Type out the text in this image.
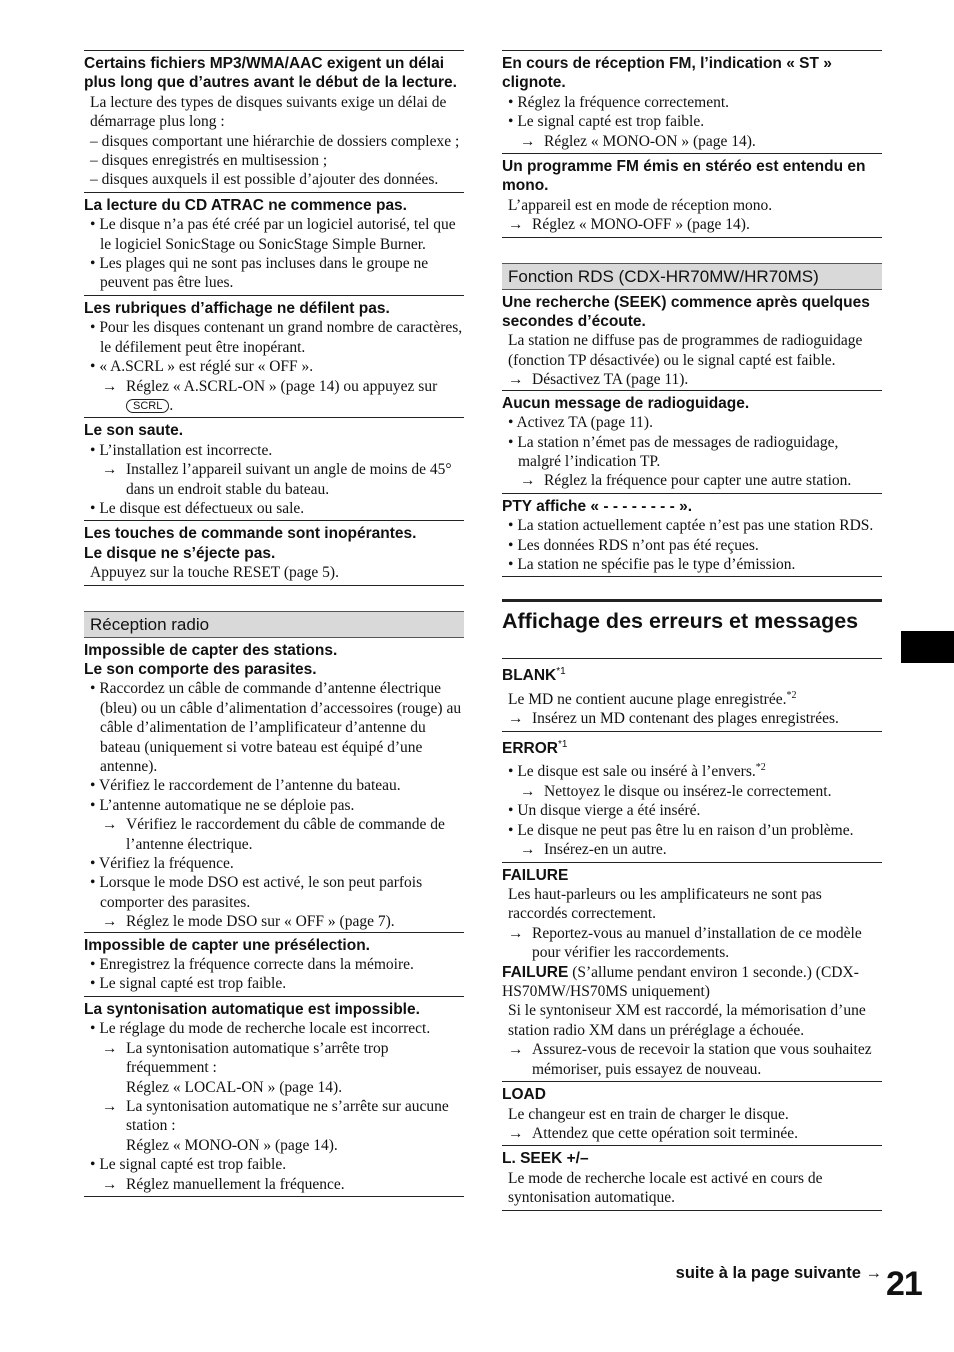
Certains fichiers MP3/WMA/AAC exigent un délai plus long que d’autres avant le début de la lecture.
La lecture des types de disques suivants exige un délai de démarrage plus long :
– disques comportant une hiérarchie de dossiers complexe ;
– disques enregistrés en multisession ;
– disques auxquels il est possible d’ajouter des données.
La lecture du CD ATRAC ne commence pas.
• Le disque n’a pas été créé par un logiciel autorisé, tel que le logiciel SonicStage ou SonicStage Simple Burner.
• Les plages qui ne sont pas incluses dans le groupe ne peuvent pas être lues.
Les rubriques d’affichage ne défilent pas.
• Pour les disques contenant un grand nombre de caractères, le défilement peut être inopérant.
• « A.SCRL » est réglé sur « OFF ».
→ Réglez « A.SCRL-ON » (page 14) ou appuyez sur SCRL .
Le son saute.
• L’installation est incorrecte.
→ Installez l’appareil suivant un angle de moins de 45° dans un endroit stable du bateau.
• Le disque est défectueux ou sale.
Les touches de commande sont inopérantes.
Le disque ne s’éjecte pas.
Appuyez sur la touche RESET (page 5).
Réception radio
Impossible de capter des stations.
Le son comporte des parasites.
• Raccordez un câble de commande d’antenne électrique (bleu) ou un câble d’alimentation d’accessoires (rouge) au câble d’alimentation de l’amplificateur d’antenne du bateau (uniquement si votre bateau est équipé d’une antenne).
• Vérifiez le raccordement de l’antenne du bateau.
• L’antenne automatique ne se déploie pas.
→ Vérifiez le raccordement du câble de commande de l’antenne électrique.
• Vérifiez la fréquence.
• Lorsque le mode DSO est activé, le son peut parfois comporter des parasites.
→ Réglez le mode DSO sur « OFF » (page 7).
Impossible de capter une présélection.
• Enregistrez la fréquence correcte dans la mémoire.
• Le signal capté est trop faible.
La syntonisation automatique est impossible.
• Le réglage du mode de recherche locale est incorrect.
→ La syntonisation automatique s’arrête trop fréquemment :
Réglez « LOCAL-ON » (page 14).
→ La syntonisation automatique ne s’arrête sur aucune station :
Réglez « MONO-ON » (page 14).
• Le signal capté est trop faible.
→ Réglez manuellement la fréquence.
En cours de réception FM, l’indication « ST » clignote.
• Réglez la fréquence correctement.
• Le signal capté est trop faible.
→ Réglez « MONO-ON » (page 14).
Un programme FM émis en stéréo est entendu en mono.
L’appareil est en mode de réception mono.
→ Réglez « MONO-OFF » (page 14).
Fonction RDS (CDX-HR70MW/HR70MS)
Une recherche (SEEK) commence après quelques secondes d’écoute.
La station ne diffuse pas de programmes de radioguidage (fonction TP désactivée) ou le signal capté est faible.
→ Désactivez TA (page 11).
Aucun message de radioguidage.
• Activez TA (page 11).
• La station n’émet pas de messages de radioguidage, malgré l’indication TP.
→ Réglez la fréquence pour capter une autre station.
PTY affiche « - - - - - - - - ».
• La station actuellement captée n’est pas une station RDS.
• Les données RDS n’ont pas été reçues.
• La station ne spécifie pas le type d’émission.
Affichage des erreurs et messages
BLANK$^{*1}$
Le MD ne contient aucune plage enregistrée.$^{*2}$
→ Insérez un MD contenant des plages enregistrées.
ERROR$^{*1}$
• Le disque est sale ou inséré à l’envers.$^{*2}$
→ Nettoyez le disque ou insérez-le correctement.
• Un disque vierge a été inséré.
• Le disque ne peut pas être lu en raison d’un problème.
→ Insérez-en un autre.
FAILURE
Les haut-parleurs ou les amplificateurs ne sont pas raccordés correctement.
→ Reportez-vous au manuel d’installation de ce modèle pour vérifier les raccordements.
FAILURE (S’allume pendant environ 1 seconde.) (CDX-HS70MW/HS70MS uniquement)
Si le syntoniseur XM est raccordé, la mémorisation d’une station radio XM dans un préréglage a échouée.
→ Assurez-vous de recevoir la station que vous souhaitez mémoriser, puis essayez de nouveau.
LOAD
Le changeur est en train de charger le disque.
→ Attendez que cette opération soit terminée.
L. SEEK +/–
Le mode de recherche locale est activé en cours de syntonisation automatique.
suite à la page suivante → 21
